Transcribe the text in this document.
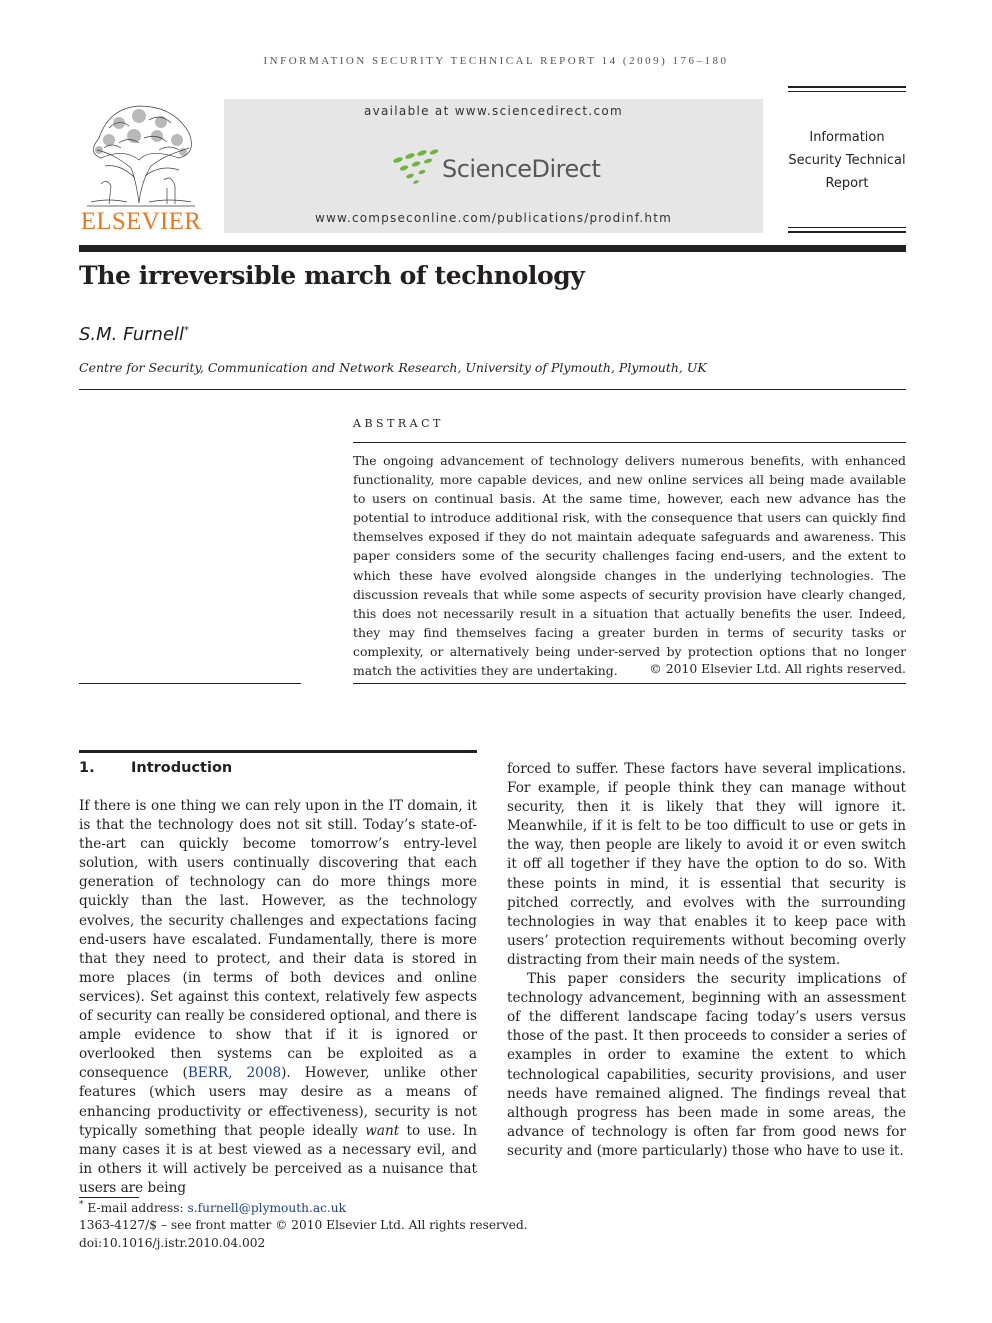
INFORMATION SECURITY TECHNICAL REPORT 14 (2009) 176–180
ELSEVIER
available at www.sciencedirect.com
ScienceDirect
www.compseconline.com/publications/prodinf.htm
Information
Security Technical
Report
The irreversible march of technology
S.M. Furnell*
Centre for Security, Communication and Network Research, University of Plymouth, Plymouth, UK
ABSTRACT
The ongoing advancement of technology delivers numerous benefits, with enhanced functionality, more capable devices, and new online services all being made available to users on continual basis. At the same time, however, each new advance has the potential to introduce additional risk, with the consequence that users can quickly find themselves exposed if they do not maintain adequate safeguards and awareness. This paper considers some of the security challenges facing end-users, and the extent to which these have evolved alongside changes in the underlying technologies. The discussion reveals that while some aspects of security provision have clearly changed, this does not necessarily result in a situation that actually benefits the user. Indeed, they may find themselves facing a greater burden in terms of security tasks or complexity, or alternatively being under-served by protection options that no longer match the activities they are undertaking.	© 2010 Elsevier Ltd. All rights reserved.
1.	Introduction

If there is one thing we can rely upon in the IT domain, it is that the technology does not sit still. Today’s state-of-the-art can quickly become tomorrow’s entry-level solution, with users continually discovering that each generation of technology can do more things more quickly than the last. However, as the technology evolves, the security challenges and expectations facing end-users have escalated. Fundamentally, there is more that they need to protect, and their data is stored in more places (in terms of both devices and online services). Set against this context, relatively few aspects of security can really be considered optional, and there is ample evidence to show that if it is ignored or overlooked then systems can be exploited as a consequence (BERR, 2008). However, unlike other features (which users may desire as a means of enhancing productivity or effectiveness), security is not typically something that people ideally want to use. In many cases it is at best viewed as a necessary evil, and in others it will actively be perceived as a nuisance that users are being

forced to suffer. These factors have several implications. For example, if people think they can manage without security, then it is likely that they will ignore it. Meanwhile, if it is felt to be too difficult to use or gets in the way, then people are likely to avoid it or even switch it off all together if they have the option to do so. With these points in mind, it is essential that security is pitched correctly, and evolves with the surrounding technologies in way that enables it to keep pace with users’ protection requirements without becoming overly distracting from their main needs of the system.

This paper considers the security implications of technology advancement, beginning with an assessment of the different landscape facing today’s users versus those of the past. It then proceeds to consider a series of examples in order to examine the extent to which technological capabilities, security provisions, and user needs have remained aligned. The findings reveal that although progress has been made in some areas, the advance of technology is often far from good news for security and (more particularly) those who have to use it.

* E-mail address: s.furnell@plymouth.ac.uk
1363-4127/$ – see front matter © 2010 Elsevier Ltd. All rights reserved.
doi:10.1016/j.istr.2010.04.002
